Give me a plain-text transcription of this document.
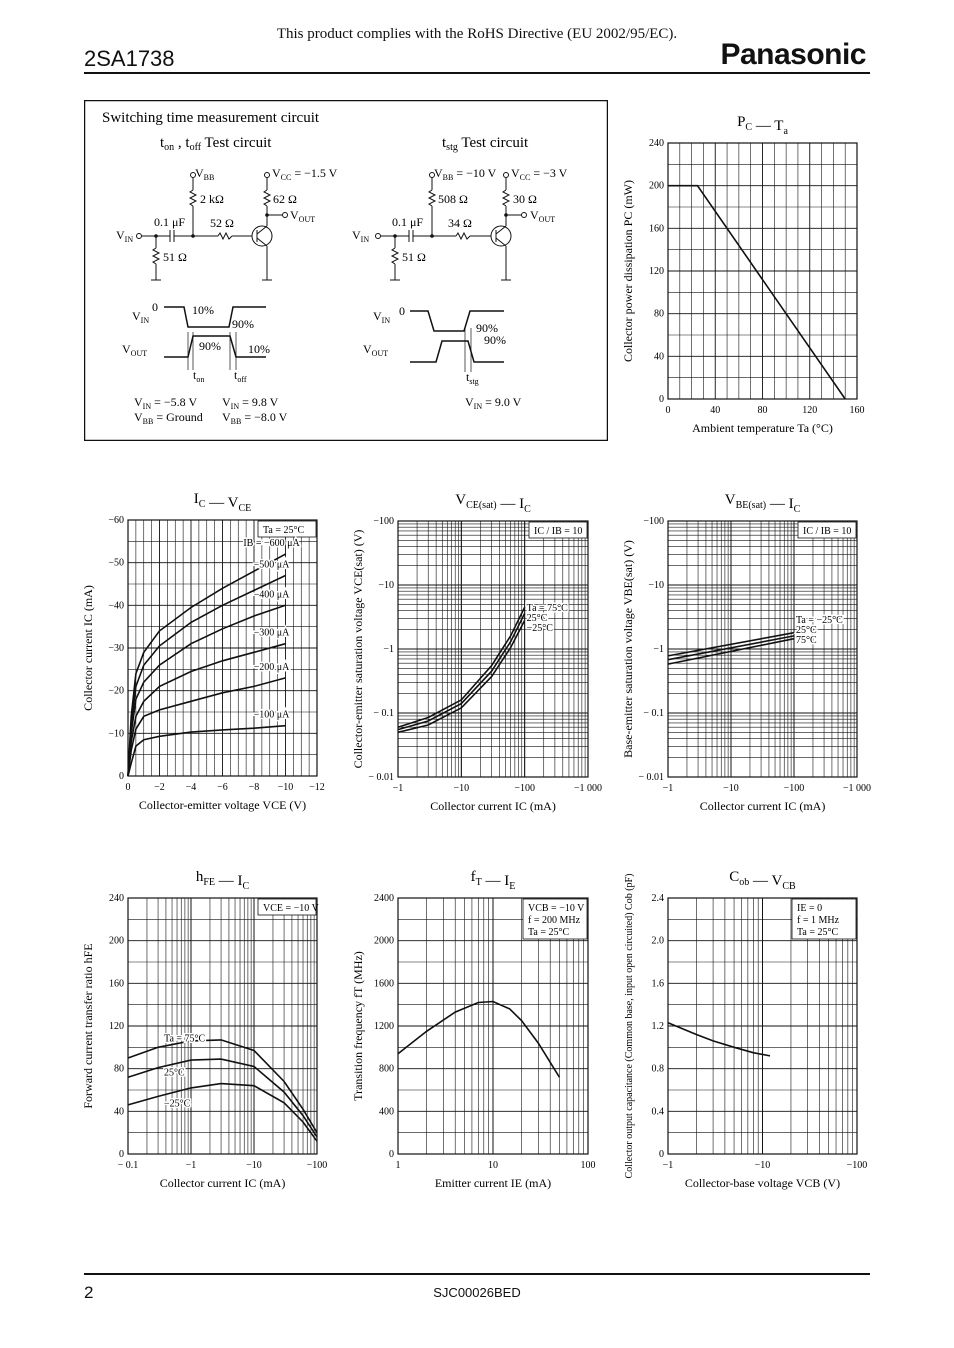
This product complies with the RoHS Directive (EU 2002/95/EC).
2SA1738	Panasonic
Switching time measurement circuit
$t_{on}$ , $t_{off}$ Test circuit	$t_{stg}$ Test circuit
$V_{BB}$	$V_{CC} = -1.5$ V
2 kΩ	62 Ω
$V_{OUT}$
0.1 μF 52 Ω
$V_{IN}$
51 Ω
$V_{BB} = -10$ V $V_{CC} = -3$ V
508 Ω	30 Ω
$V_{OUT}$
0.1 μF 34 Ω
$V_{IN}$
51 Ω
$V_{IN}$
0	10%
90%
$V_{OUT}$
90% 10%
$t_{on}$ $t_{off}$
$V_{IN}$
0
90%
90%
$V_{OUT}$
$t_{stg}$
$V_{IN} = -5.8$ V
$V_{BB}$ = Ground
$V_{IN} = 9.8$ V
$V_{BB} = -8.0$ V
$V_{IN} = 9.0$ V
0	40	80	120	160
0
40
80
120
160
200
240
$P_C$ — $T_a$
Ambient temperature Ta (°C)
Collector power dissipation PC (mW)
0 −2 −4 −6 −8 −10 −12
0
−10
−20
−30
−40
−50
−60
$I_C$ — $V_{CE}$
Collector-emitter voltage VCE (V)
Collector current IC (mA)
Ta = 25°C
IB = −600 μA
−500 μA
−400 μA
−300 μA
−200 μA
−100 μA
−1	−10	−100	−1 000
− 0.01
− 0.1
−1
−10
−100
$V_{CE(sat)}$ — $I_C$
Collector current IC (mA)
Collector-emitter saturation voltage VCE(sat) (V)	IC / IB = 10
Ta = 75°C
25°C
−25°C
−1	−10	−100	−1 000
− 0.01
− 0.1
−1
−10
−100
$V_{BE(sat)}$ — $I_C$
Collector current IC (mA)
Base-emitter saturation voltage VBE(sat) (V)
IC / IB = 10
Ta = −25°C
25°C
75°C
− 0.1	−1	−10	−100
0
40
80
120
160
200
240
$h_{FE}$ — $I_C$
Collector current IC (mA)
Forward current transfer ratio hFE
VCE = −10 V
Ta = 75°C
25°C
−25°C
1	10	100
0
400
800
1200
1600
2000
2400
$f_T$ — $I_E$
Emitter current IE (mA)
Transition frequency fT (MHz)
VCB = −10 V
f = 200 MHz
Ta = 25°C
−1	−10	−100
0
0.4
0.8
1.2
1.6
2.0
2.4
$C_{ob}$ — $V_{CB}$
Collector-base voltage VCB (V)
Collector output capacitance (Common base, input open circuited) Cob (pF)	IE = 0
f = 1 MHz
Ta = 25°C
2	SJC00026BED
